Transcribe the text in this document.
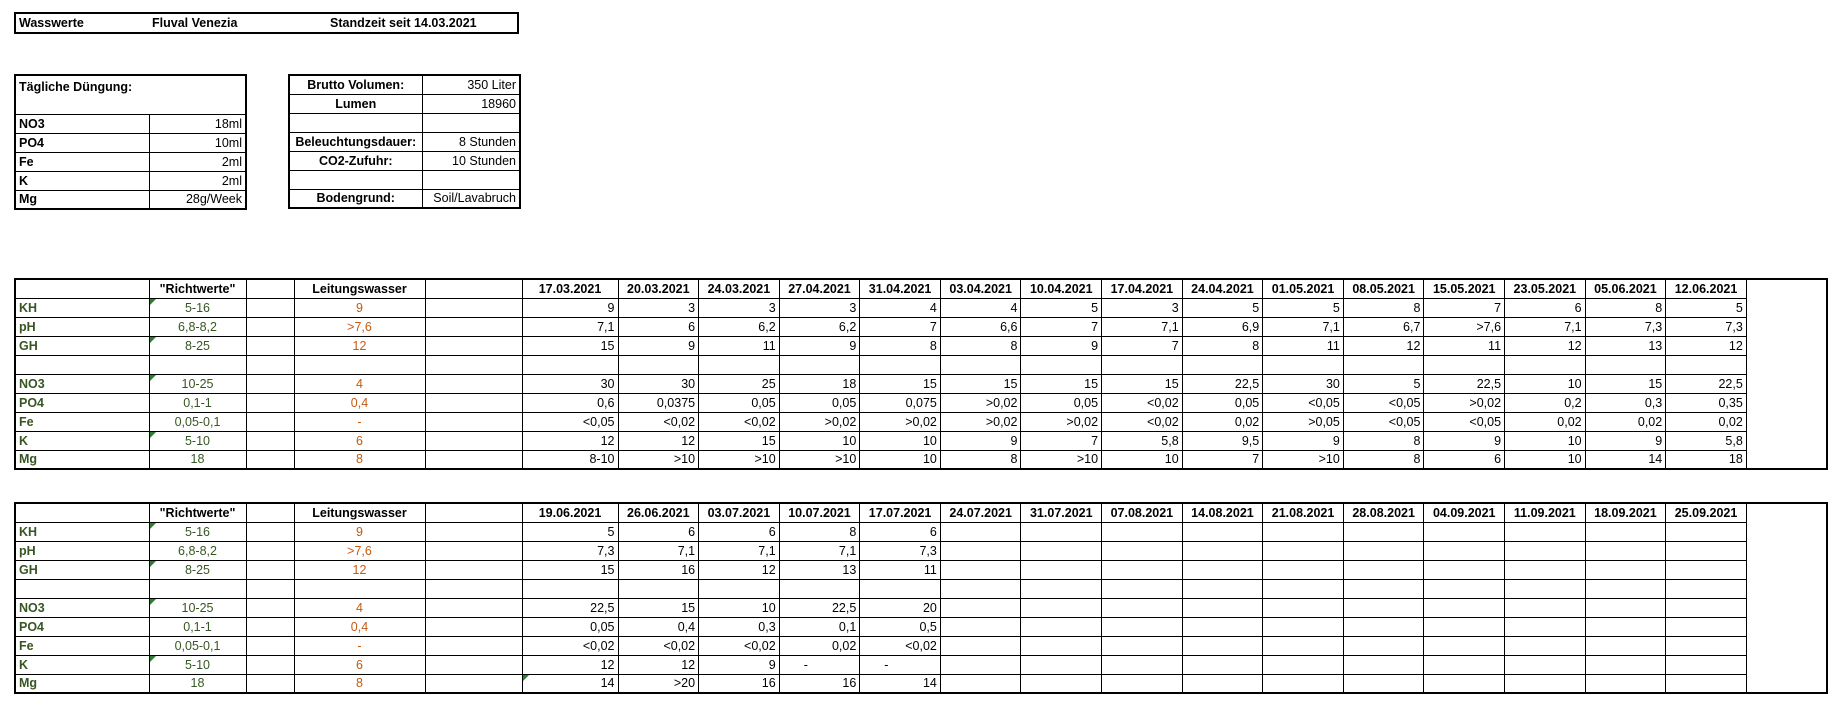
Wasswerte	Fluval Venezia	Standzeit seit 14.03.2021
Tägliche Düngung:	
NO3	18ml
PO4	10ml
Fe	2ml
K	2ml
Mg	28g/Week
Brutto Volumen:	350 Liter
Lumen	18960

Beleuchtungsdauer:	8 Stunden
CO2-Zufuhr:	10 Stunden

Bodengrund:	Soil/Lavabruch
	"Richtwerte"		Leitungswasser		17.03.2021	20.03.2021	24.03.2021	27.04.2021	31.04.2021	03.04.2021	10.04.2021	17.04.2021	24.04.2021	01.05.2021	08.05.2021	15.05.2021	23.05.2021	05.06.2021	12.06.2021
KH	5-16		9		9	3	3	3	4	4	5	3	5	5	8	7	6	8	5
pH	6,8-8,2		>7,6		7,1	6	6,2	6,2	7	6,6	7	7,1	6,9	7,1	6,7	>7,6	7,1	7,3	7,3
GH	8-25		12		15	9	11	9	8	8	9	7	8	11	12	11	12	13	12

NO3	10-25		4		30	30	25	18	15	15	15	15	22,5	30	5	22,5	10	15	22,5
PO4	0,1-1		0,4		0,6	0,0375	0,05	0,05	0,075	>0,02	0,05	<0,02	0,05	<0,05	<0,05	>0,02	0,2	0,3	0,35
Fe	0,05-0,1		-		<0,05	<0,02	<0,02	>0,02	>0,02	>0,02	>0,02	<0,02	0,02	>0,05	<0,05	<0,05	0,02	0,02	0,02
K	5-10		6		12	12	15	10	10	9	7	5,8	9,5	9	8	9	10	9	5,8
Mg	18		8		8-10	>10	>10	>10	10	8	>10	10	7	>10	8	6	10	14	18
	"Richtwerte"		Leitungswasser		19.06.2021	26.06.2021	03.07.2021	10.07.2021	17.07.2021	24.07.2021	31.07.2021	07.08.2021	14.08.2021	21.08.2021	28.08.2021	04.09.2021	11.09.2021	18.09.2021	25.09.2021
KH	5-16		9		5	6	6	8	6										
pH	6,8-8,2		>7,6		7,3	7,1	7,1	7,1	7,3										
GH	8-25		12		15	16	12	13	11										

NO3	10-25		4		22,5	15	10	22,5	20										
PO4	0,1-1		0,4		0,05	0,4	0,3	0,1	0,5										
Fe	0,05-0,1		-		<0,02	<0,02	<0,02	0,02	<0,02										
K	5-10		6		12	12	9	-	-										
Mg	18		8		14	>20	16	16	14										
